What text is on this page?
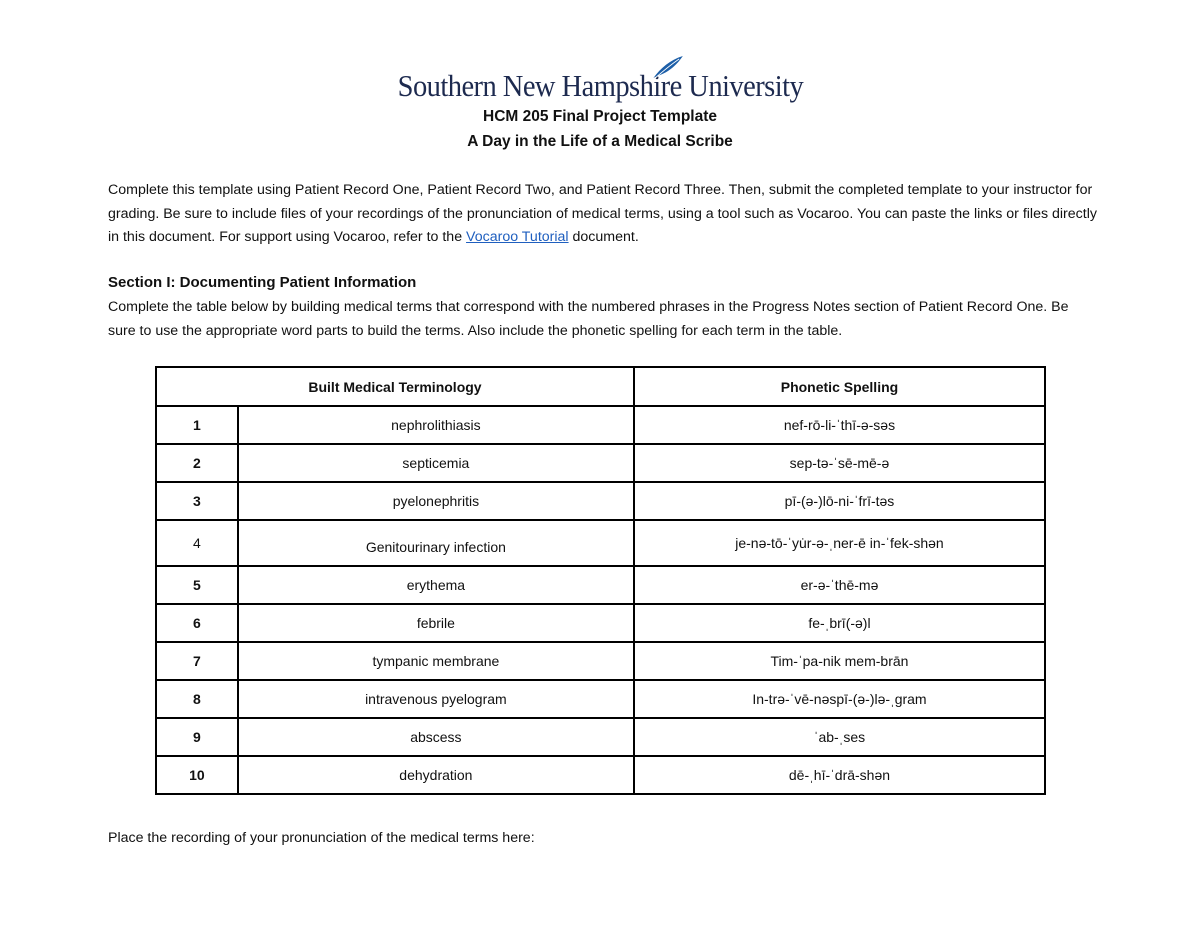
Southern New Hampshire University
HCM 205 Final Project Template
A Day in the Life of a Medical Scribe
Complete this template using Patient Record One, Patient Record Two, and Patient Record Three. Then, submit the completed template to your instructor for grading. Be sure to include files of your recordings of the pronunciation of medical terms, using a tool such as Vocaroo. You can paste the links or files directly in this document. For support using Vocaroo, refer to the Vocaroo Tutorial document.
Section I: Documenting Patient Information
Complete the table below by building medical terms that correspond with the numbered phrases in the Progress Notes section of Patient Record One. Be sure to use the appropriate word parts to build the terms. Also include the phonetic spelling for each term in the table.
Built Medical Terminology		Phonetic Spelling
1	nephrolithiasis	nef-rō-li-ˈthī-ə-səs
2	septicemia	sep-tə-ˈsē-mē-ə
3	pyelonephritis	pī-(ə-)lō-ni-ˈfrī-təs
4	Genitourinary infection	je-nə-tō-ˈyu̇r-ə-ˌner-ē in-ˈfek-shən
5	erythema	er-ə-ˈthē-mə
6	febrile	fe-ˌbrī(-ə)l
7	tympanic membrane	Tim-ˈpa-nik mem-brān
8	intravenous pyelogram	In-trə-ˈvē-nəspī-(ə-)lə-ˌgram
9	abscess	ˈab-ˌses
10	dehydration	dē-ˌhī-ˈdrā-shən
Place the recording of your pronunciation of the medical terms here:
